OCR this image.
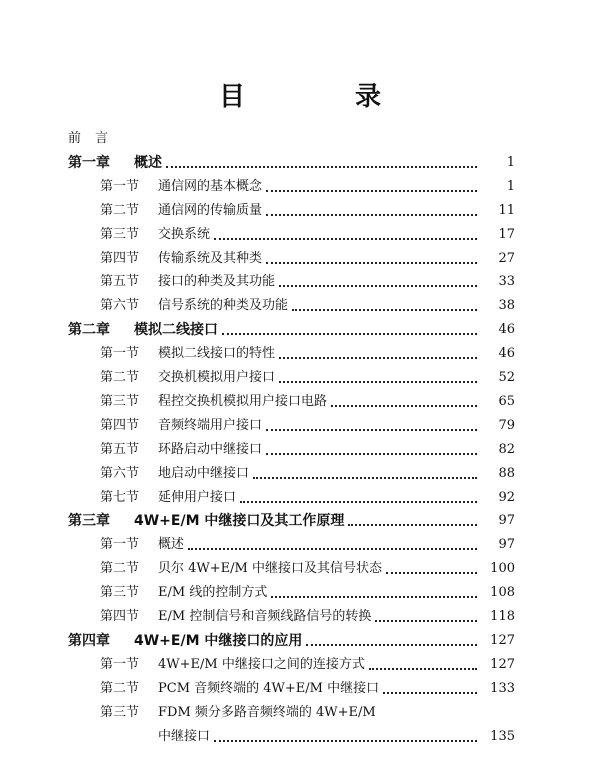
目　录
前言
第一章	概述	1
第一节	通信网的基本概念	1
第二节	通信网的传输质量	11
第三节	交换系统	17
第四节	传输系统及其种类	27
第五节	接口的种类及其功能	33
第六节	信号系统的种类及功能	38
第二章	模拟二线接口	46
第一节	模拟二线接口的特性	46
第二节	交换机模拟用户接口	52
第三节	程控交换机模拟用户接口电路	65
第四节	音频终端用户接口	79
第五节	环路启动中继接口	82
第六节	地启动中继接口	88
第七节	延伸用户接口	92
第三章	4W+E/M 中继接口及其工作原理	97
第一节	概述	97
第二节	贝尔 4W+E/M 中继接口及其信号状态	100
第三节	E/M 线的控制方式	108
第四节	E/M 控制信号和音频线路信号的转换	118
第四章	4W+E/M 中继接口的应用	127
第一节	4W+E/M 中继接口之间的连接方式	127
第二节	PCM 音频终端的 4W+E/M 中继接口	133
第三节	FDM 频分多路音频终端的 4W+E/M
中继接口	135
